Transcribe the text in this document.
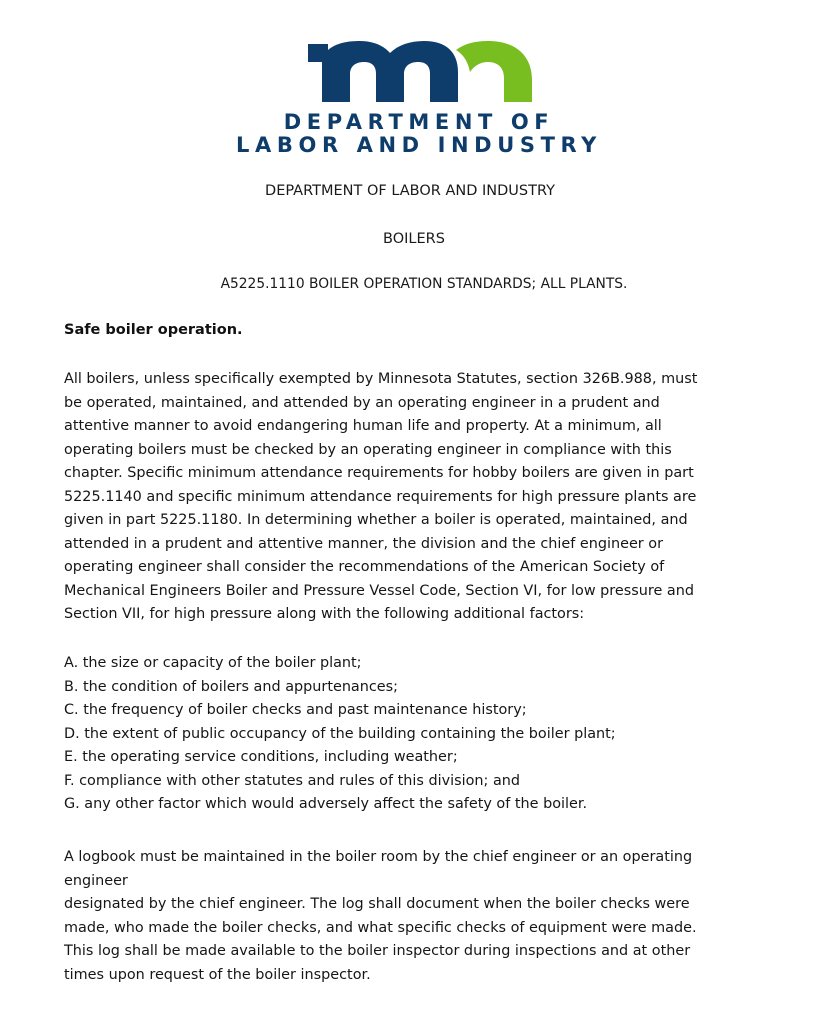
DEPARTMENT OF
LABOR AND INDUSTRY
DEPARTMENT OF LABOR AND INDUSTRY
BOILERS
A5225.1110 BOILER OPERATION STANDARDS; ALL PLANTS.
Safe boiler operation.
All boilers, unless specifically exempted by Minnesota Statutes, section 326B.988, must
be operated, maintained, and attended by an operating engineer in a prudent and
attentive manner to avoid endangering human life and property. At a minimum, all
operating boilers must be checked by an operating engineer in compliance with this
chapter. Specific minimum attendance requirements for hobby boilers are given in part
5225.1140 and specific minimum attendance requirements for high pressure plants are
given in part 5225.1180. In determining whether a boiler is operated, maintained, and
attended in a prudent and attentive manner, the division and the chief engineer or
operating engineer shall consider the recommendations of the American Society of
Mechanical Engineers Boiler and Pressure Vessel Code, Section VI, for low pressure and
Section VII, for high pressure along with the following additional factors:
A. the size or capacity of the boiler plant;
B. the condition of boilers and appurtenances;
C. the frequency of boiler checks and past maintenance history;
D. the extent of public occupancy of the building containing the boiler plant;
E. the operating service conditions, including weather;
F. compliance with other statutes and rules of this division; and
G. any other factor which would adversely affect the safety of the boiler.
A logbook must be maintained in the boiler room by the chief engineer or an operating
engineer
designated by the chief engineer. The log shall document when the boiler checks were
made, who made the boiler checks, and what specific checks of equipment were made.
This log shall be made available to the boiler inspector during inspections and at other
times upon request of the boiler inspector.
